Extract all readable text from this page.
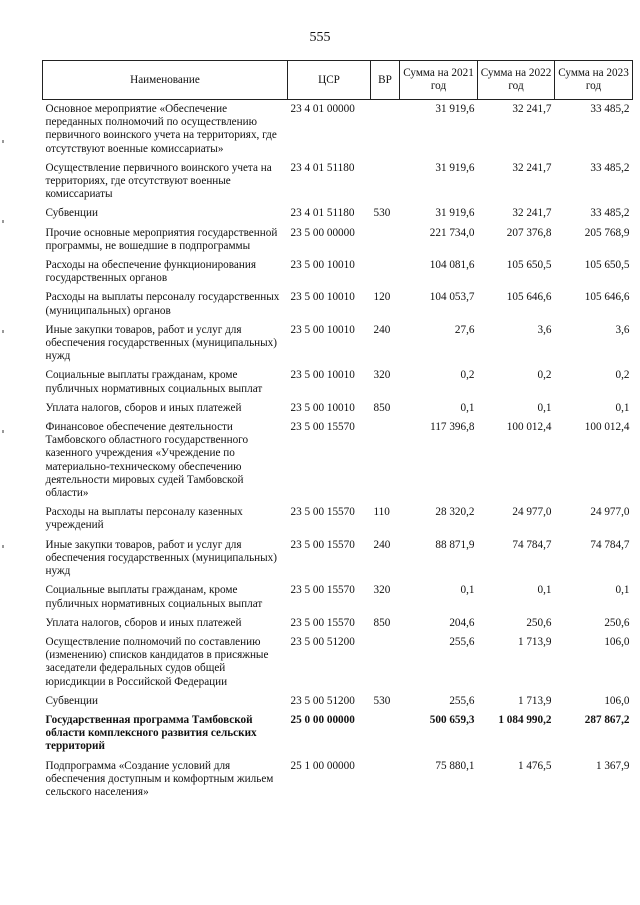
555
Наименование	ЦСР	ВР	Сумма на 2021 год	Сумма на 2022 год	Сумма на 2023 год
Основное мероприятие «Обеспечение переданных полномочий по осуществлению первичного воинского учета на территориях, где отсутствуют военные комиссариаты»	23 4 01 00000		31 919,6	32 241,7	33 485,2
Осуществление первичного воинского учета на территориях, где отсутствуют военные комиссариаты	23 4 01 51180		31 919,6	32 241,7	33 485,2
Субвенции	23 4 01 51180	530	31 919,6	32 241,7	33 485,2
Прочие основные мероприятия государственной программы, не вошедшие в подпрограммы	23 5 00 00000		221 734,0	207 376,8	205 768,9
Расходы на обеспечение функционирования государственных органов	23 5 00 10010		104 081,6	105 650,5	105 650,5
Расходы на выплаты персоналу государственных (муниципальных) органов	23 5 00 10010	120	104 053,7	105 646,6	105 646,6
Иные закупки товаров, работ и услуг для обеспечения государственных (муниципальных) нужд	23 5 00 10010	240	27,6	3,6	3,6
Социальные выплаты гражданам, кроме публичных нормативных социальных выплат	23 5 00 10010	320	0,2	0,2	0,2
Уплата налогов, сборов и иных платежей	23 5 00 10010	850	0,1	0,1	0,1
Финансовое обеспечение деятельности Тамбовского областного государственного казенного учреждения «Учреждение по материально-техническому обеспечению деятельности мировых судей Тамбовской области»	23 5 00 15570		117 396,8	100 012,4	100 012,4
Расходы на выплаты персоналу казенных учреждений	23 5 00 15570	110	28 320,2	24 977,0	24 977,0
Иные закупки товаров, работ и услуг для обеспечения государственных (муниципальных) нужд	23 5 00 15570	240	88 871,9	74 784,7	74 784,7
Социальные выплаты гражданам, кроме публичных нормативных социальных выплат	23 5 00 15570	320	0,1	0,1	0,1
Уплата налогов, сборов и иных платежей	23 5 00 15570	850	204,6	250,6	250,6
Осуществление полномочий по составлению (изменению) списков кандидатов в присяжные заседатели федеральных судов общей юрисдикции в Российской Федерации	23 5 00 51200		255,6	1 713,9	106,0
Субвенции	23 5 00 51200	530	255,6	1 713,9	106,0
Государственная программа Тамбовской области комплексного развития сельских территорий	25 0 00 00000		500 659,3	1 084 990,2	287 867,2
Подпрограмма «Создание условий для обеспечения доступным и комфортным жильем сельского населения»	25 1 00 00000		75 880,1	1 476,5	1 367,9
